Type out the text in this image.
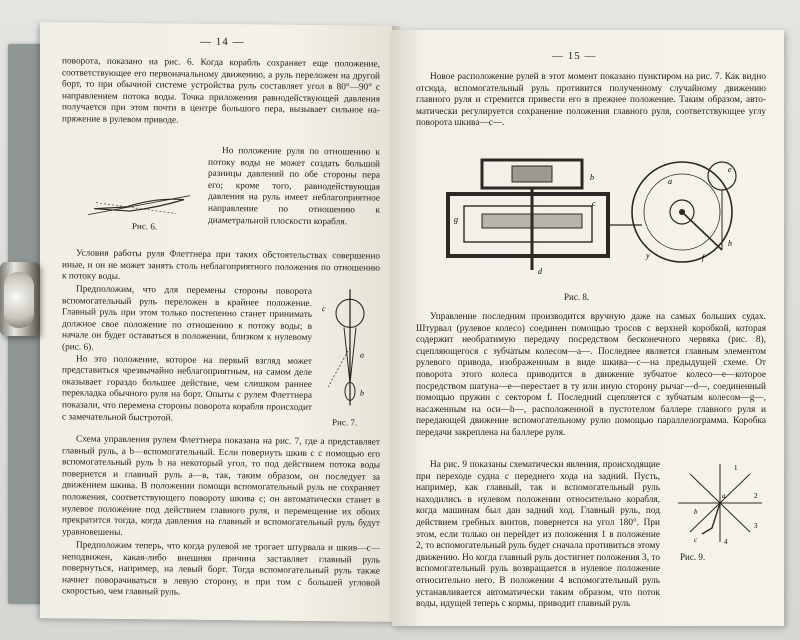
— 14 —

поворота, показано на рис. 6. Когда корабль сохраняет еще положение, соответствующее его первоначальному движению, а руль переложен на другой борт, то при обычной системе устройства руль составляет угол в 80°—90° с направлением потока воды. Точка приложения равнодействующей давления получается при этом почти в центре большого пера, вызывает сильное напряжение в рулевом приводе.

Рис. 6.

Но положение руля по отношению к потоку воды не может создать большой разницы давлений по обе стороны пера его; кроме того, равнодействующая давления на руль имеет неблагоприятное направление по отношению к диаметральной плоскости корабля.

Условия работы руля Флеттнера при таких обстоятельствах совершенно иные, и он не может занять столь неблагоприятного положения по отношению к потоку воды.

Предположим, что для перемены стороны поворота вспомогательный руль переложен в крайнее положение. Главный руль при этом только постепенно станет принимать должное свое положение по отношению к потоку воды; в начале он будет оставаться в положении, близком к нулевому (рис. 6).

Но это положение, которое на первый взгляд может представиться чрезвычайно неблагоприятным, на самом деле оказывает гораздо большее действие, чем слишком раннее перекладка обычного руля на борт. Опыты с рулем Флеттнера показали, что перемена стороны поворота корабля происходит с замечательной быстротой.

c
a
b
Рис. 7.

Схема управления рулем Флеттнера показана на рис. 7, где a представляет главный руль, a b—вспомогательный. Если повернуть шкив c с помощью его вспомогательный руль b на некоторый угол, то под действием потока воды повернется и главный руль a—в, так, таким образом, он последует за движением шкива. В положении помощи вспомогательный руль не сохраняет положения, соответствующего повороту шкива c; он автоматически станет в нулевое положение под действием главного руля, и перемещение их обоих прекратится тогда, когда давления на главный и вспомогательный руль будут уравновешены.

Предположим теперь, что когда рулевой не трогает штурвала и шкив—c—неподвижен, какая-либо внешняя причина заставляет главный руль повернуться, например, на левый борт. Тогда вспомогательный руль также начнет поворачиваться в левую сторону, и при том с большей угловой скоростью, чем главный руль.

— 15 —

Новое расположение рулей в этот момент показано пунктиром на рис. 7. Как видно отсюда, вспомогательный руль противится полученному случайному движению главного руля и стремится привести его в прежнее положение. Таким образом, автоматически регулируется сохранение положения главного руля, соответствующее углу поворота шкива—c—.

b
c
g
d
a
e
f
y
h
Рис. 8.

Управление последним производится вручную даже на самых больших судах. Штурвал (рулевое колесо) соединен помощью тросов с верхней коробкой, которая содержит необратимую передачу посредством бесконечного червяка (рис. 8), сцепляющегося с зубчатым колесом—a—. Последнее является главным элементом рулевого привода, изображенным в виде шкива—c—на предыдущей схеме. От поворота этого колеса приводится в движение зубчатое колесо—e—которое посредством шатуна—e—перестает в ту или иную сторону рычаг—d—, соединенный помощью пружин с сектором f. Последний сцепляется с зубчатым колесом—g—, насаженным на оси—h—, расположенной в пустотелом баллере главного руля и передающей движение вспомогательному рулю помощью параллелограмма. Коробка передачи закреплена на баллере руля.

На рис. 9 показаны схематически явления, происходящие при переходе судна с переднего хода на задний. Пусть, например, как главный, так и вспомогательный руль находились в нулевом положении относительно корабля, когда машинам был дан задний ход. Главный руль, под действием гребных винтов, повернется на угол 180°. При этом, если только он перейдет из положения 1 в положение 2, то вспомогательный руль будет сначала противиться этому движению. Но когда главный руль достигнет положения 3, то вспомогательный руль возвращается в нулевое положение относительно него. В положении 4 вспомогательный руль устанавливается автоматически таким образом, что поток воды, идущей теперь с кормы, приводит главный руль

1
2
3
4
a
b
c
Рис. 9.
